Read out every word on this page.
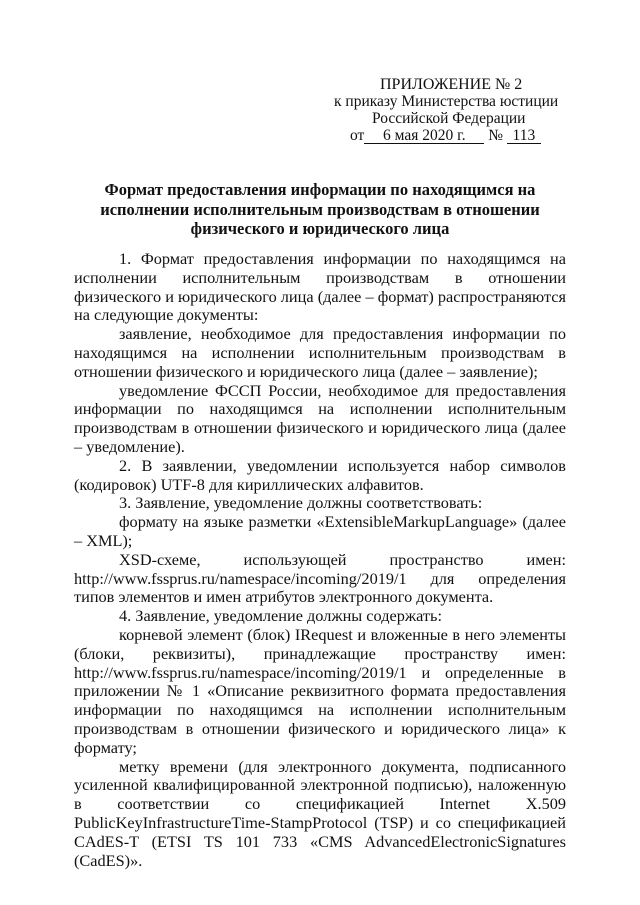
ПРИЛОЖЕНИЕ № 2
к приказу Министерства юстиции
Российской Федерации
от 6 мая 2020 г. № 113
Формат предоставления информации по находящимся на исполнении исполнительным производствам в отношении физического и юридического лица

1. Формат предоставления информации по находящимся на исполнении исполнительным производствам в отношении физического и юридического лица (далее – формат) распространяются на следующие документы:

заявление, необходимое для предоставления информации по находящимся на исполнении исполнительным производствам в отношении физического и юридического лица (далее – заявление);

уведомление ФССП России, необходимое для предоставления информации по находящимся на исполнении исполнительным производствам в отношении физического и юридического лица (далее – уведомление).

2. В заявлении, уведомлении используется набор символов (кодировок) UTF-8 для кириллических алфавитов.

3. Заявление, уведомление должны соответствовать:

формату на языке разметки «ExtensibleMarkupLanguage» (далее – XML);

XSD-схеме, использующей пространство имен: http://www.fssprus.ru/namespace/incoming/2019/1 для определения типов элементов и имен атрибутов электронного документа.

4. Заявление, уведомление должны содержать:

корневой элемент (блок) IRequest и вложенные в него элементы (блоки, реквизиты), принадлежащие пространству имен: http://www.fssprus.ru/namespace/incoming/2019/1 и определенные в приложении № 1 «Описание реквизитного формата предоставления информации по находящимся на исполнении исполнительным производствам в отношении физического и юридического лица» к формату;

метку времени (для электронного документа, подписанного усиленной квалифицированной электронной подписью), наложенную в соответствии со спецификацией Internet X.509 PublicKeyInfrastructureTime-StampProtocol (TSP) и со спецификацией CAdES-T (ETSI TS 101 733 «CMS AdvancedElectronicSignatures (CadES)».
